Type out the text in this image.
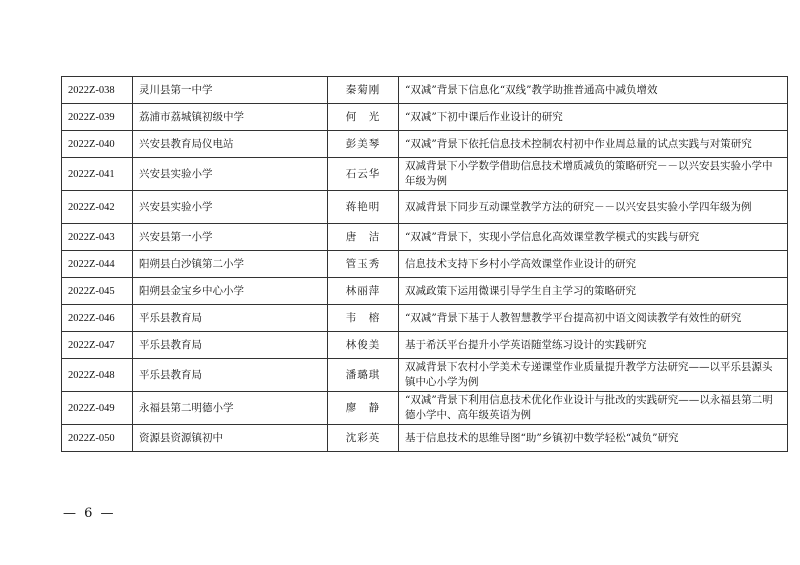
2022Z-038	灵川县第一中学	秦菊刚	“双减”背景下信息化“双线”教学助推普通高中减负增效
2022Z-039	荔浦市荔城镇初级中学	何　光	“双减”下初中课后作业设计的研究
2022Z-040	兴安县教育局仪电站	彭美琴	“双减”背景下依托信息技术控制农村初中作业周总量的试点实践与对策研究
2022Z-041	兴安县实验小学	石云华	双减背景下小学数学借助信息技术增质减负的策略研究－－以兴安县实验小学中年级为例
2022Z-042	兴安县实验小学	蒋艳明	双减背景下同步互动课堂教学方法的研究－－以兴安县实验小学四年级为例
2022Z-043	兴安县第一小学	唐　洁	“双减”背景下，实现小学信息化高效课堂教学模式的实践与研究
2022Z-044	阳朔县白沙镇第二小学	管玉秀	信息技术支持下乡村小学高效课堂作业设计的研究
2022Z-045	阳朔县金宝乡中心小学	林丽萍	双减政策下运用微课引导学生自主学习的策略研究
2022Z-046	平乐县教育局	韦　榕	“双减”背景下基于人教智慧教学平台提高初中语文阅读教学有效性的研究
2022Z-047	平乐县教育局	林俊美	基于希沃平台提升小学英语随堂练习设计的实践研究
2022Z-048	平乐县教育局	潘璐琪	双减背景下农村小学美术专递课堂作业质量提升教学方法研究——以平乐县源头镇中心小学为例
2022Z-049	永福县第二明德小学	廖　静	“双减”背景下利用信息技术优化作业设计与批改的实践研究——以永福县第二明德小学中、高年级英语为例
2022Z-050	资源县资源镇初中	沈彩英	基于信息技术的思维导图“助”乡镇初中数学轻松“减负”研究
— 6 —
